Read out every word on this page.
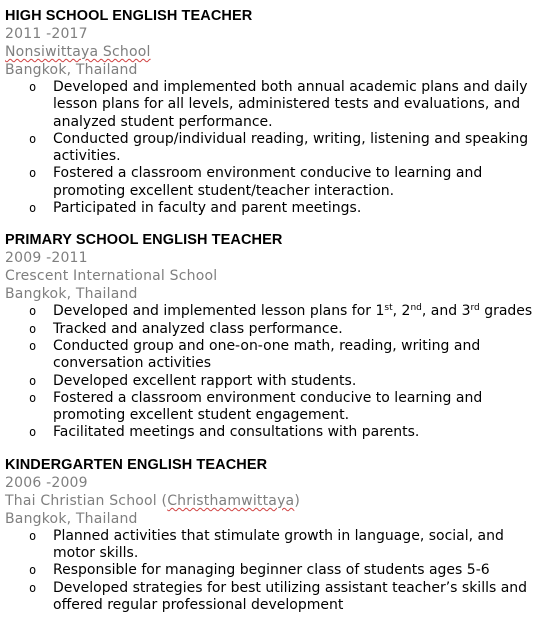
HIGH SCHOOL ENGLISH TEACHER
2011 -2017
Nonsiwittaya School
Bangkok, Thailand
o Developed and implemented both annual academic plans and daily lesson plans for all levels, administered tests and evaluations, and analyzed student performance.
o Conducted group/individual reading, writing, listening and speaking activities.
o Fostered a classroom environment conducive to learning and promoting excellent student/teacher interaction.
o Participated in faculty and parent meetings.
PRIMARY SCHOOL ENGLISH TEACHER
2009 -2011
Crescent International School
Bangkok, Thailand
o Developed and implemented lesson plans for 1st, 2nd, and 3rd grades
o Tracked and analyzed class performance.
o Conducted group and one-on-one math, reading, writing and conversation activities
o Developed excellent rapport with students.
o Fostered a classroom environment conducive to learning and promoting excellent student engagement.
o Facilitated meetings and consultations with parents.
KINDERGARTEN ENGLISH TEACHER
2006 -2009
Thai Christian School (Christhamwittaya)
Bangkok, Thailand
o Planned activities that stimulate growth in language, social, and motor skills.
o Responsible for managing beginner class of students ages 5-6
o Developed strategies for best utilizing assistant teacher’s skills and offered regular professional development
